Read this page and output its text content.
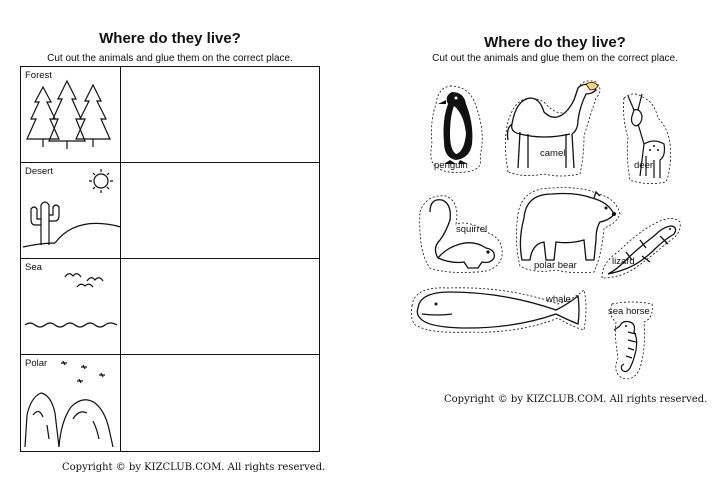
Where do they live?
Cut out the animals and glue them on the correct place.
Forest
Desert
Sea
Polar
Copyright © by KIZCLUB.COM. All rights reserved.
Where do they live?
Cut out the animals and glue them on the correct place.
penguin
camel
deer
squirrel
polar bear	lizard
whale
sea horse
Copyright © by KIZCLUB.COM. All rights reserved.
